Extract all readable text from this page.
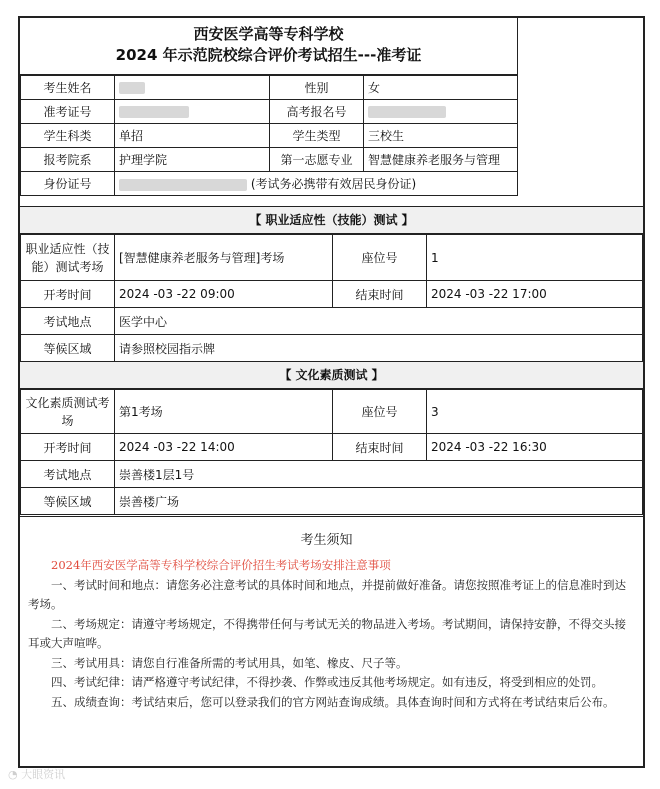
西安医学高等专科学校
2024 年示范院校综合评价考试招生---准考证
考生姓名		性别	女
准考证号		高考报名号	
学生科类	单招	学生类型	三校生
报考院系	护理学院	第一志愿专业	智慧健康养老服务与管理
身份证号	(考试务必携带有效居民身份证)		
【 职业适应性（技能）测试 】
职业适应性（技能）测试考场	[智慧健康养老服务与管理]考场	座位号	1
开考时间	2024 -03 -22 09:00	结束时间	2024 -03 -22 17:00
考试地点	医学中心		
等候区域	请参照校园指示牌		
【 文化素质测试 】
文化素质测试考场	第1考场	座位号	3
开考时间	2024 -03 -22 14:00	结束时间	2024 -03 -22 16:30
考试地点	崇善楼1层1号		
等候区域	崇善楼广场		
考生须知

2024年西安医学高等专科学校综合评价招生考试考场安排注意事项

一、考试时间和地点：请您务必注意考试的具体时间和地点，并提前做好准备。请您按照准考证上的信息准时到达考场。

二、考场规定：请遵守考场规定，不得携带任何与考试无关的物品进入考场。考试期间，请保持安静，不得交头接耳或大声喧哗。

三、考试用具：请您自行准备所需的考试用具，如笔、橡皮、尺子等。

四、考试纪律：请严格遵守考试纪律，不得抄袭、作弊或违反其他考场规定。如有违反，将受到相应的处罚。

五、成绩查询：考试结束后，您可以登录我们的官方网站查询成绩。具体查询时间和方式将在考试结束后公布。

◔ 大眼资讯
